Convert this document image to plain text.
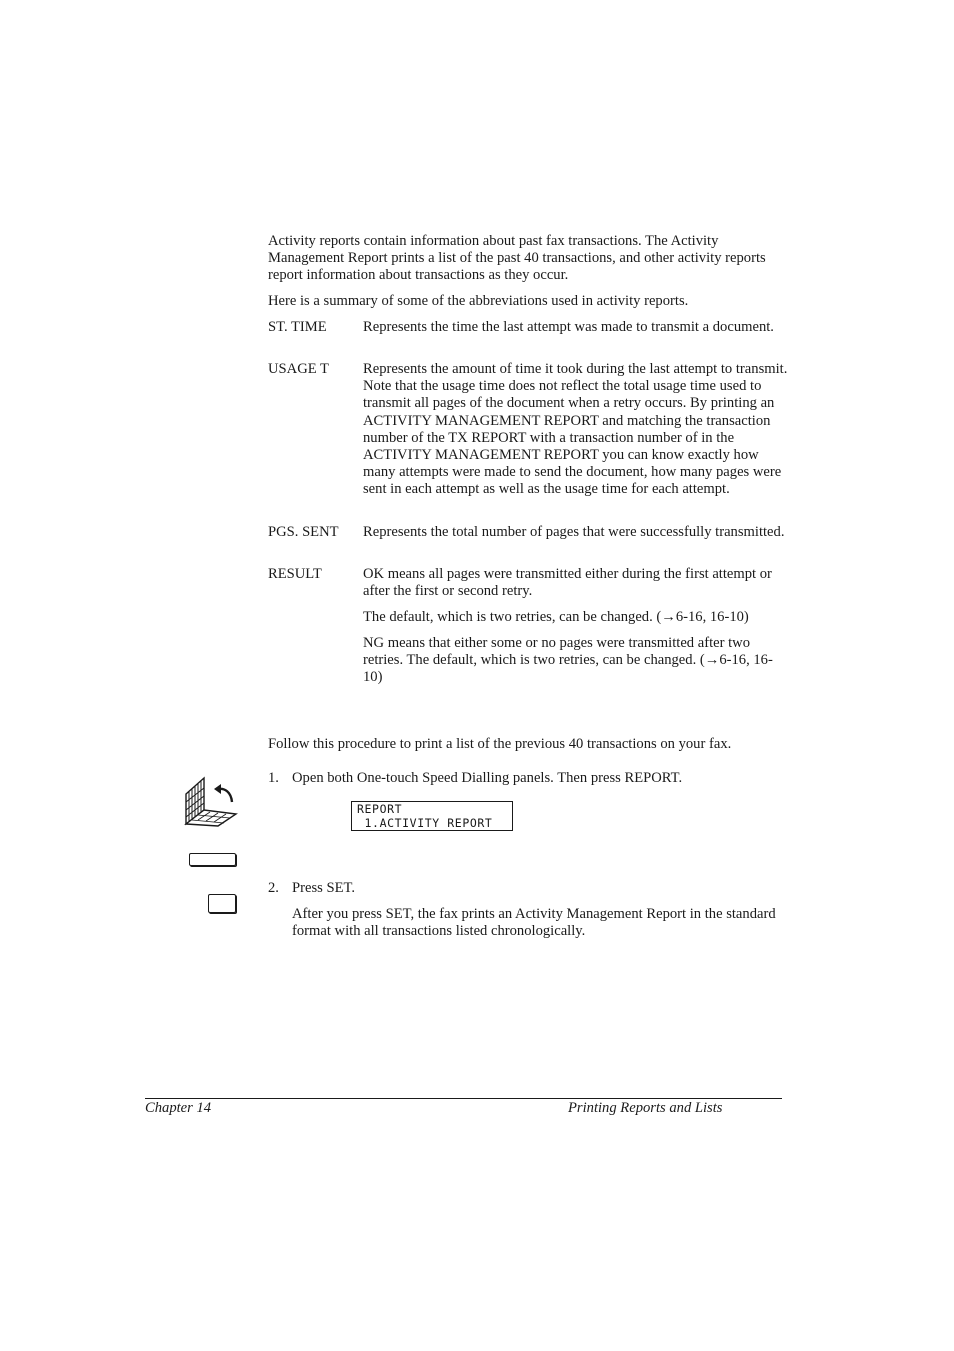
Activity reports contain information about past fax transactions. The Activity Management Report prints a list of the past 40 transactions, and other activity reports report information about transactions as they occur.

Here is a summary of some of the abbreviations used in activity reports.

ST. TIME	Represents the time the last attempt was made to transmit a document.

USAGE T	Represents the amount of time it took during the last attempt to transmit. Note that the usage time does not reflect the total usage time used to transmit all pages of the document when a retry occurs. By printing an ACTIVITY MANAGEMENT REPORT and matching the transaction number of the TX REPORT with a transaction number of in the ACTIVITY MANAGEMENT REPORT you can know exactly how many attempts were made to send the document, how many pages were sent in each attempt as well as the usage time for each attempt.

PGS. SENT	Represents the total number of pages that were successfully transmitted.

RESULT	OK means all pages were transmitted either during the first attempt or after the first or second retry.

The default, which is two retries, can be changed. (→6-16, 16-10)

NG means that either some or no pages were transmitted after two retries. The default, which is two retries, can be changed. (→6-16, 16-10)

Follow this procedure to print a list of the previous 40 transactions on your fax.

1. Open both One-touch Speed Dialling panels. Then press REPORT.

REPORT
1.ACTIVITY REPORT

2. Press SET.

After you press SET, the fax prints an Activity Management Report in the standard format with all transactions listed chronologically.

Chapter 14	Printing Reports and Lists
